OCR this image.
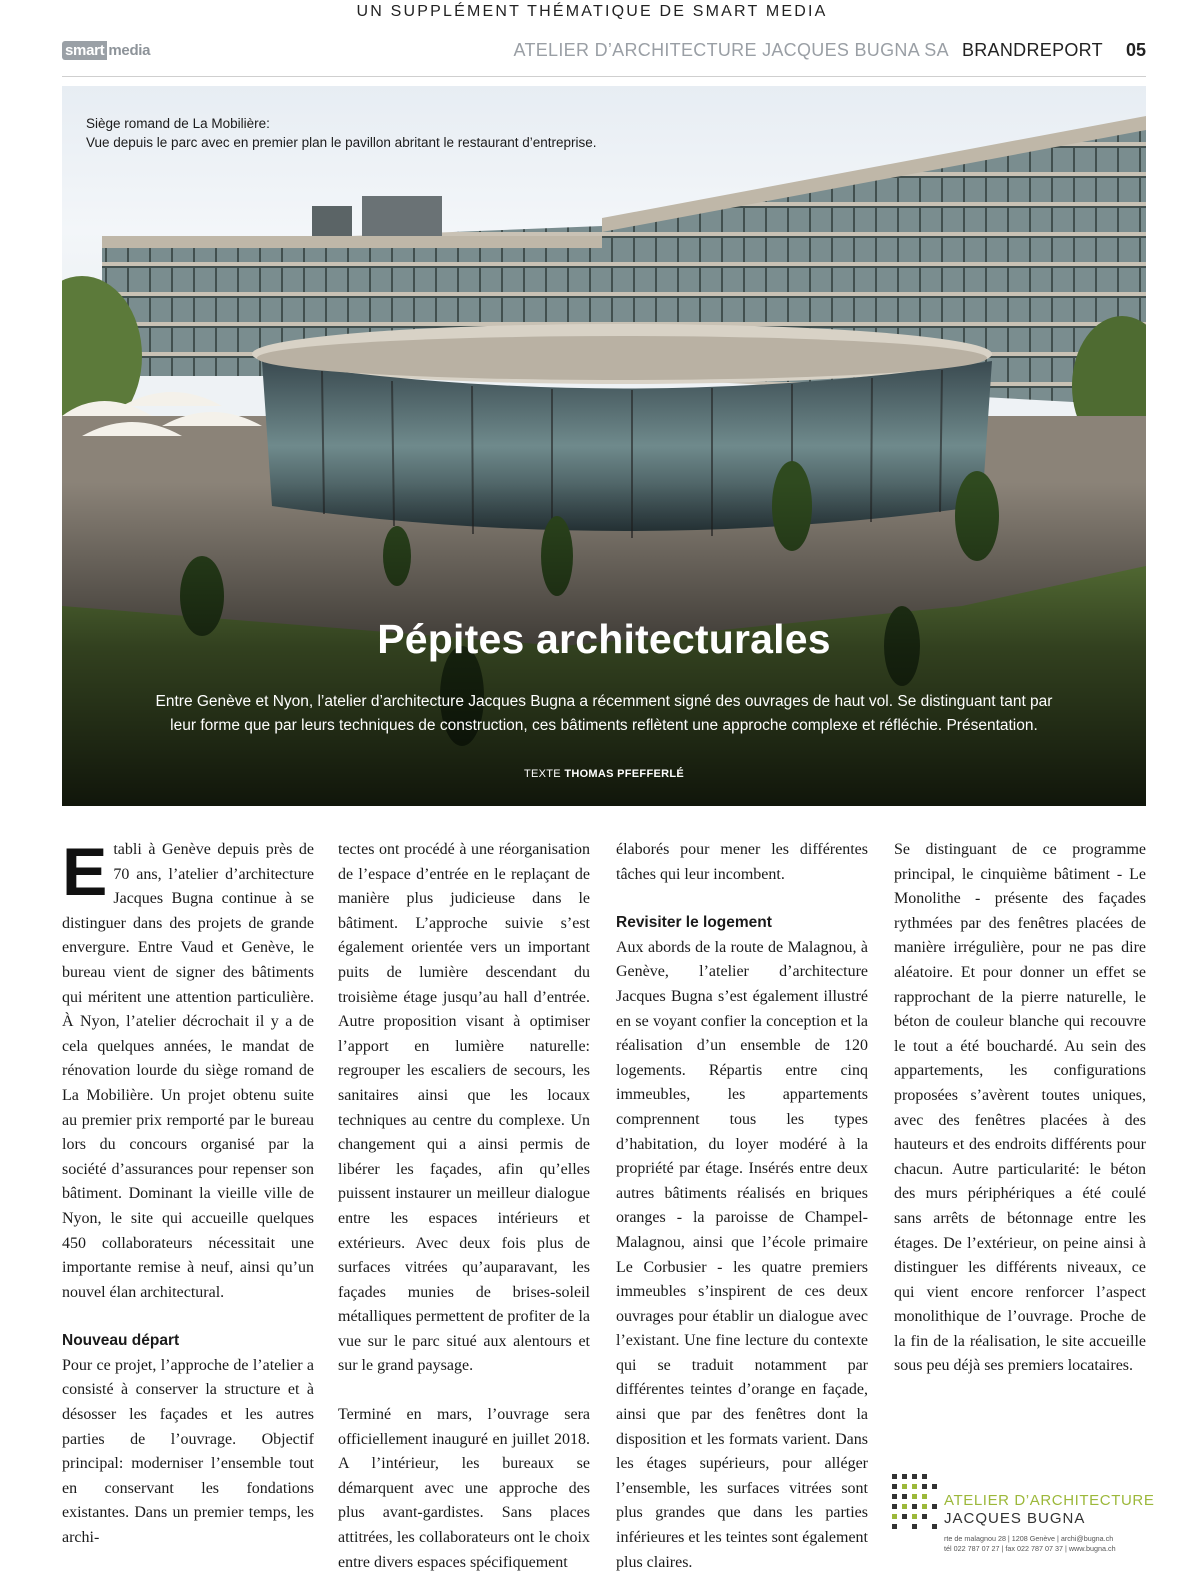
UN SUPPLÉMENT THÉMATIQUE DE SMART MEDIA
smart media	ATELIER D’ARCHITECTURE JACQUES BUGNA SA BRANDREPORT 05
Siège romand de La Mobilière:
Vue depuis le parc avec en premier plan le pavillon abritant le restaurant d’entreprise.
Pépites architecturales
Entre Genève et Nyon, l’atelier d’architecture Jacques Bugna a récemment signé des ouvrages de haut vol. Se distinguant tant par leur forme que par leurs techniques de construction, ces bâtiments reflètent une approche complexe et réfléchie. Présentation.
TEXTE THOMAS PFEFFERLÉ

Etabli à Genève depuis près de 70 ans, l’atelier d’architecture Jacques Bugna continue à se distinguer dans des projets de grande envergure. Entre Vaud et Genève, le bureau vient de signer des bâtiments qui méritent une attention particulière. À Nyon, l’atelier décrochait il y a de cela quelques années, le mandat de rénovation lourde du siège romand de La Mobilière. Un projet obtenu suite au premier prix remporté par le bureau lors du concours organisé par la société d’assurances pour repenser son bâtiment. Dominant la vieille ville de Nyon, le site qui accueille quelques 450 collaborateurs nécessitait une importante remise à neuf, ainsi qu’un nouvel élan architectural.

Nouveau départ

Pour ce projet, l’approche de l’atelier a consisté à conserver la structure et à désosser les façades et les autres parties de l’ouvrage. Objectif principal: moderniser l’ensemble tout en conservant les fondations existantes. Dans un premier temps, les archi-

tectes ont procédé à une réorganisation de l’espace d’entrée en le replaçant de manière plus judicieuse dans le bâtiment. L’approche suivie s’est également orientée vers un important puits de lumière descendant du troisième étage jusqu’au hall d’entrée. Autre proposition visant à optimiser l’apport en lumière naturelle: regrouper les escaliers de secours, les sanitaires ainsi que les locaux techniques au centre du complexe. Un changement qui a ainsi permis de libérer les façades, afin qu’elles puissent instaurer un meilleur dialogue entre les espaces intérieurs et extérieurs. Avec deux fois plus de surfaces vitrées qu’auparavant, les façades munies de brises-soleil métalliques permettent de profiter de la vue sur le parc situé aux alentours et sur le grand paysage.

Terminé en mars, l’ouvrage sera officiellement inauguré en juillet 2018. A l’intérieur, les bureaux se démarquent avec une approche des plus avant-gardistes. Sans places attitrées, les collaborateurs ont le choix entre divers espaces spécifiquement

élaborés pour mener les différentes tâches qui leur incombent.

Revisiter le logement

Aux abords de la route de Malagnou, à Genève, l’atelier d’architecture Jacques Bugna s’est également illustré en se voyant confier la conception et la réalisation d’un ensemble de 120 logements. Répartis entre cinq immeubles, les appartements comprennent tous les types d’habitation, du loyer modéré à la propriété par étage. Insérés entre deux autres bâtiments réalisés en briques oranges - la paroisse de Champel-Malagnou, ainsi que l’école primaire Le Corbusier - les quatre premiers immeubles s’inspirent de ces deux ouvrages pour établir un dialogue avec l’existant. Une fine lecture du contexte qui se traduit notamment par différentes teintes d’orange en façade, ainsi que par des fenêtres dont la disposition et les formats varient. Dans les étages supérieurs, pour alléger l’ensemble, les surfaces vitrées sont plus grandes que dans les parties inférieures et les teintes sont également plus claires.

Se distinguant de ce programme principal, le cinquième bâtiment - Le Monolithe - présente des façades rythmées par des fenêtres placées de manière irrégulière, pour ne pas dire aléatoire. Et pour donner un effet se rapprochant de la pierre naturelle, le béton de couleur blanche qui recouvre le tout a été bouchardé. Au sein des appartements, les configurations proposées s’avèrent toutes uniques, avec des fenêtres placées à des hauteurs et des endroits différents pour chacun. Autre particularité: le béton des murs périphériques a été coulé sans arrêts de bétonnage entre les étages. De l’extérieur, on peine ainsi à distinguer les différents niveaux, ce qui vient encore renforcer l’aspect monolithique de l’ouvrage. Proche de la fin de la réalisation, le site accueille sous peu déjà ses premiers locataires.

ATELIER D’ARCHITECTURE
JACQUES BUGNA
rte de malagnou 28 | 1208 Genève | archi@bugna.ch
tél 022 787 07 27 | fax 022 787 07 37 | www.bugna.ch
